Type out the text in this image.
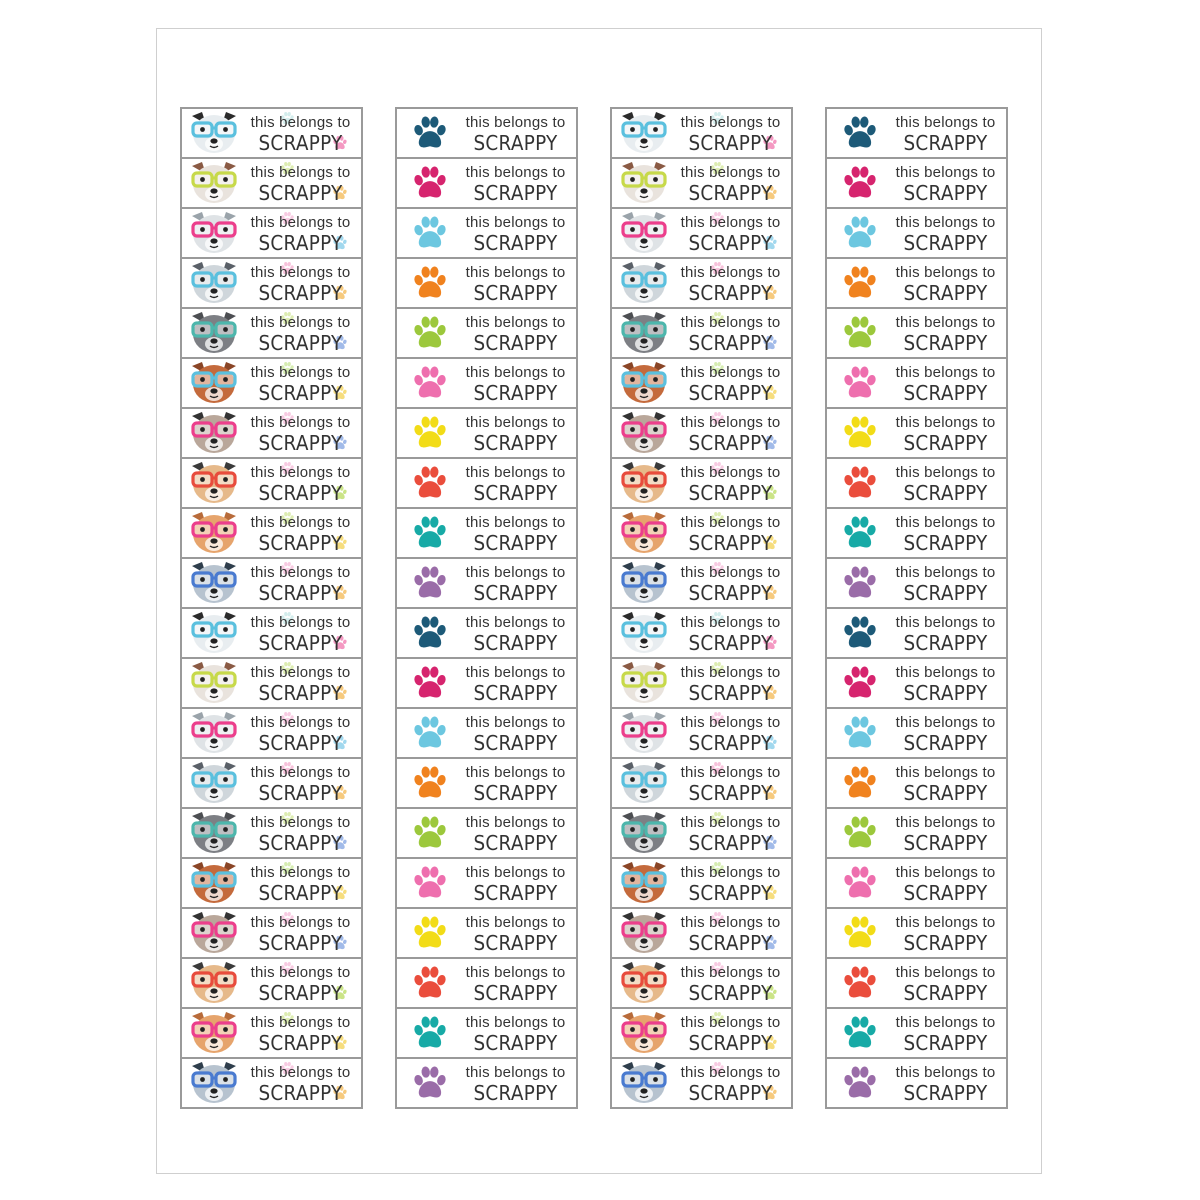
this belongs to
SCRAPPY
this belongs to
SCRAPPY
this belongs to
SCRAPPY
this belongs to
SCRAPPY
this belongs to
SCRAPPY
this belongs to
SCRAPPY
this belongs to
SCRAPPY
this belongs to
SCRAPPY
this belongs to
SCRAPPY
this belongs to
SCRAPPY
this belongs to
SCRAPPY
this belongs to
SCRAPPY
this belongs to
SCRAPPY
this belongs to
SCRAPPY
this belongs to
SCRAPPY
this belongs to
SCRAPPY
this belongs to
SCRAPPY
this belongs to
SCRAPPY
this belongs to
SCRAPPY
this belongs to
SCRAPPY
this belongs to
SCRAPPY
this belongs to
SCRAPPY
this belongs to
SCRAPPY
this belongs to
SCRAPPY
this belongs to
SCRAPPY
this belongs to
SCRAPPY
this belongs to
SCRAPPY
this belongs to
SCRAPPY
this belongs to
SCRAPPY
this belongs to
SCRAPPY
this belongs to
SCRAPPY
this belongs to
SCRAPPY
this belongs to
SCRAPPY
this belongs to
SCRAPPY
this belongs to
SCRAPPY
this belongs to
SCRAPPY
this belongs to
SCRAPPY
this belongs to
SCRAPPY
this belongs to
SCRAPPY
this belongs to
SCRAPPY
this belongs to
SCRAPPY
this belongs to
SCRAPPY
this belongs to
SCRAPPY
this belongs to
SCRAPPY
this belongs to
SCRAPPY
this belongs to
SCRAPPY
this belongs to
SCRAPPY
this belongs to
SCRAPPY
this belongs to
SCRAPPY
this belongs to
SCRAPPY
this belongs to
SCRAPPY
this belongs to
SCRAPPY
this belongs to
SCRAPPY
this belongs to
SCRAPPY
this belongs to
SCRAPPY
this belongs to
SCRAPPY
this belongs to
SCRAPPY
this belongs to
SCRAPPY
this belongs to
SCRAPPY
this belongs to
SCRAPPY
this belongs to
SCRAPPY
this belongs to
SCRAPPY
this belongs to
SCRAPPY
this belongs to
SCRAPPY
this belongs to
SCRAPPY
this belongs to
SCRAPPY
this belongs to
SCRAPPY
this belongs to
SCRAPPY
this belongs to
SCRAPPY
this belongs to
SCRAPPY
this belongs to
SCRAPPY
this belongs to
SCRAPPY
this belongs to
SCRAPPY
this belongs to
SCRAPPY
this belongs to
SCRAPPY
this belongs to
SCRAPPY
this belongs to
SCRAPPY
this belongs to
SCRAPPY
this belongs to
SCRAPPY
this belongs to
SCRAPPY
